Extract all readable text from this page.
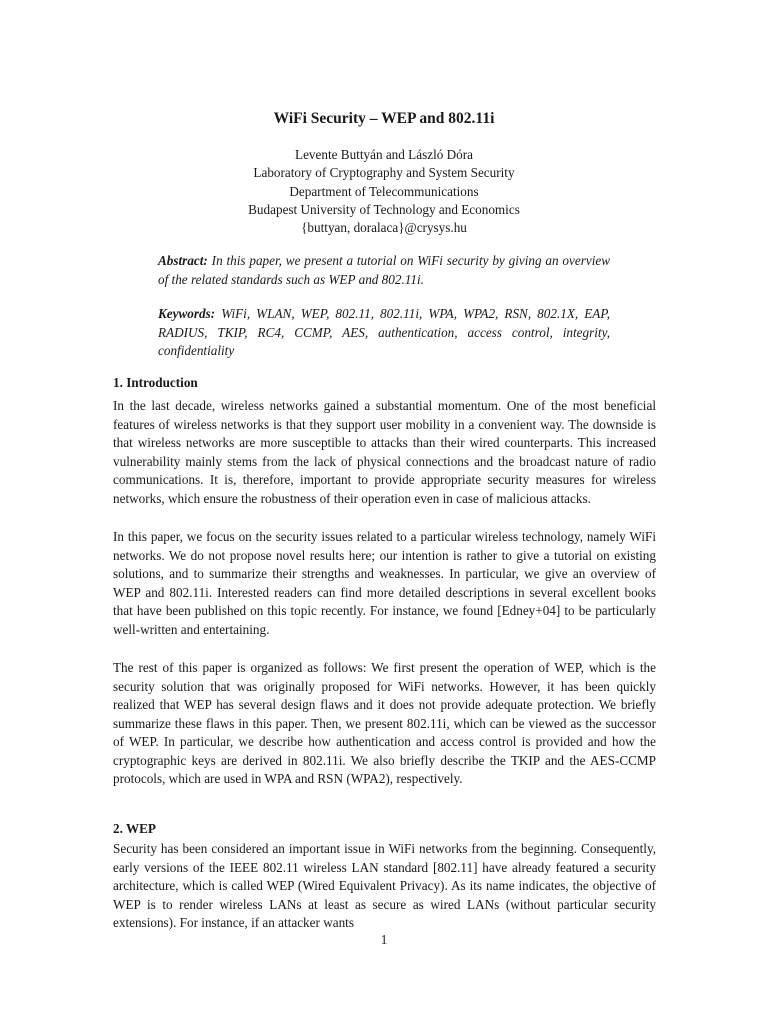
WiFi Security – WEP and 802.11i
Levente Buttyán and László Dóra
Laboratory of Cryptography and System Security
Department of Telecommunications
Budapest University of Technology and Economics
{buttyan, doralaca}@crysys.hu
Abstract: In this paper, we present a tutorial on WiFi security by giving an overview of the related standards such as WEP and 802.11i.
Keywords: WiFi, WLAN, WEP, 802.11, 802.11i, WPA, WPA2, RSN, 802.1X, EAP, RADIUS, TKIP, RC4, CCMP, AES, authentication, access control, integrity, confidentiality
1. Introduction
In the last decade, wireless networks gained a substantial momentum. One of the most beneficial features of wireless networks is that they support user mobility in a convenient way. The downside is that wireless networks are more susceptible to attacks than their wired counterparts. This increased vulnerability mainly stems from the lack of physical connections and the broadcast nature of radio communications. It is, therefore, important to provide appropriate security measures for wireless networks, which ensure the robustness of their operation even in case of malicious attacks.
In this paper, we focus on the security issues related to a particular wireless technology, namely WiFi networks. We do not propose novel results here; our intention is rather to give a tutorial on existing solutions, and to summarize their strengths and weaknesses. In particular, we give an overview of WEP and 802.11i. Interested readers can find more detailed descriptions in several excellent books that have been published on this topic recently. For instance, we found [Edney+04] to be particularly well-written and entertaining.
The rest of this paper is organized as follows: We first present the operation of WEP, which is the security solution that was originally proposed for WiFi networks. However, it has been quickly realized that WEP has several design flaws and it does not provide adequate protection. We briefly summarize these flaws in this paper. Then, we present 802.11i, which can be viewed as the successor of WEP. In particular, we describe how authentication and access control is provided and how the cryptographic keys are derived in 802.11i. We also briefly describe the TKIP and the AES-CCMP protocols, which are used in WPA and RSN (WPA2), respectively.
2. WEP
Security has been considered an important issue in WiFi networks from the beginning. Consequently, early versions of the IEEE 802.11 wireless LAN standard [802.11] have already featured a security architecture, which is called WEP (Wired Equivalent Privacy). As its name indicates, the objective of WEP is to render wireless LANs at least as secure as wired LANs (without particular security extensions). For instance, if an attacker wants
1
